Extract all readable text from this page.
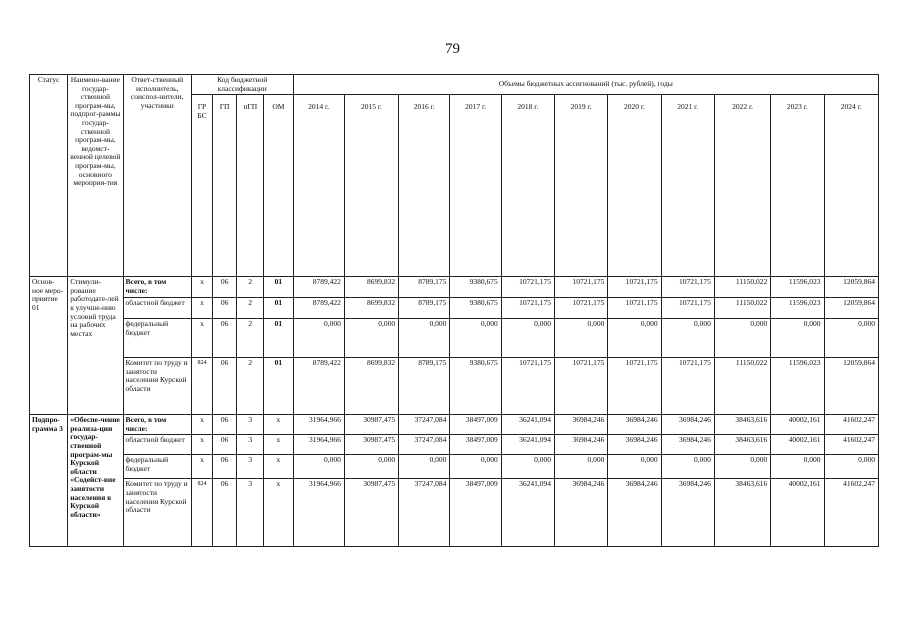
79
Статус	Наимено-вание государ-ственной програм-мы, подпрог-раммы государ-ственной програм-мы, ведомст-венной целевой програм-мы, основного мероприя-тия	Ответ-ственный исполнитель, соиспол-нители, участники	Код бюджетной классификации				Объемы бюджетных ассигнований (тыс. рублей), годы										
			ГР БС	ГП	пГП	ОМ	2014 г.	2015 г.	2016 г.	2017 г.	2018 г.	2019 г.	2020 г.	2021 г.	2022 г.	2023 г.	2024 г.
Основ-ное меро-приятие 01	Стимули-рование работодате-лей к улучше-нию условий труда на рабочих местах	Всего, в том числе:	х	06	2	01	8789,422	8699,832	8789,175	9380,675	10721,175	10721,175	10721,175	10721,175	11150,022	11596,023	12059,864
		областной бюджет	х	06	2	01	8789,422	8699,832	8789,175	9380,675	10721,175	10721,175	10721,175	10721,175	11150,022	11596,023	12059,864
		федеральный бюджет	х	06	2	01	0,000	0,000	0,000	0,000	0,000	0,000	0,000	0,000	0,000	0,000	0,000
		Комитет по труду и занятости населения Курской области	824	06	2	01	8789,422	8699,832	8789,175	9380,675	10721,175	10721,175	10721,175	10721,175	11150,022	11596,023	12059,864
Подпро-грамма 3	«Обеспе-чение реализа-ции государ-ственной програм-мы Курской области «Содейст-вие занятости населения в Курской области»	Всего, в том числе:	х	06	3	х	31964,966	30987,475	37247,084	38497,009	36241,094	36984,246	36984,246	36984,246	38463,616	40002,161	41602,247
		областной бюджет	х	06	3	х	31964,966	30987,475	37247,084	38497,009	36241,094	36984,246	36984,246	36984,246	38463,616	40002,161	41602,247
		федеральный бюджет	х	06	3	х	0,000	0,000	0,000	0,000	0,000	0,000	0,000	0,000	0,000	0,000	0,000
		Комитет по труду и занятости населения Курской области	824	06	3	х	31964,966	30987,475	37247,084	38497,009	36241,094	36984,246	36984,246	36984,246	38463,616	40002,161	41602,247
